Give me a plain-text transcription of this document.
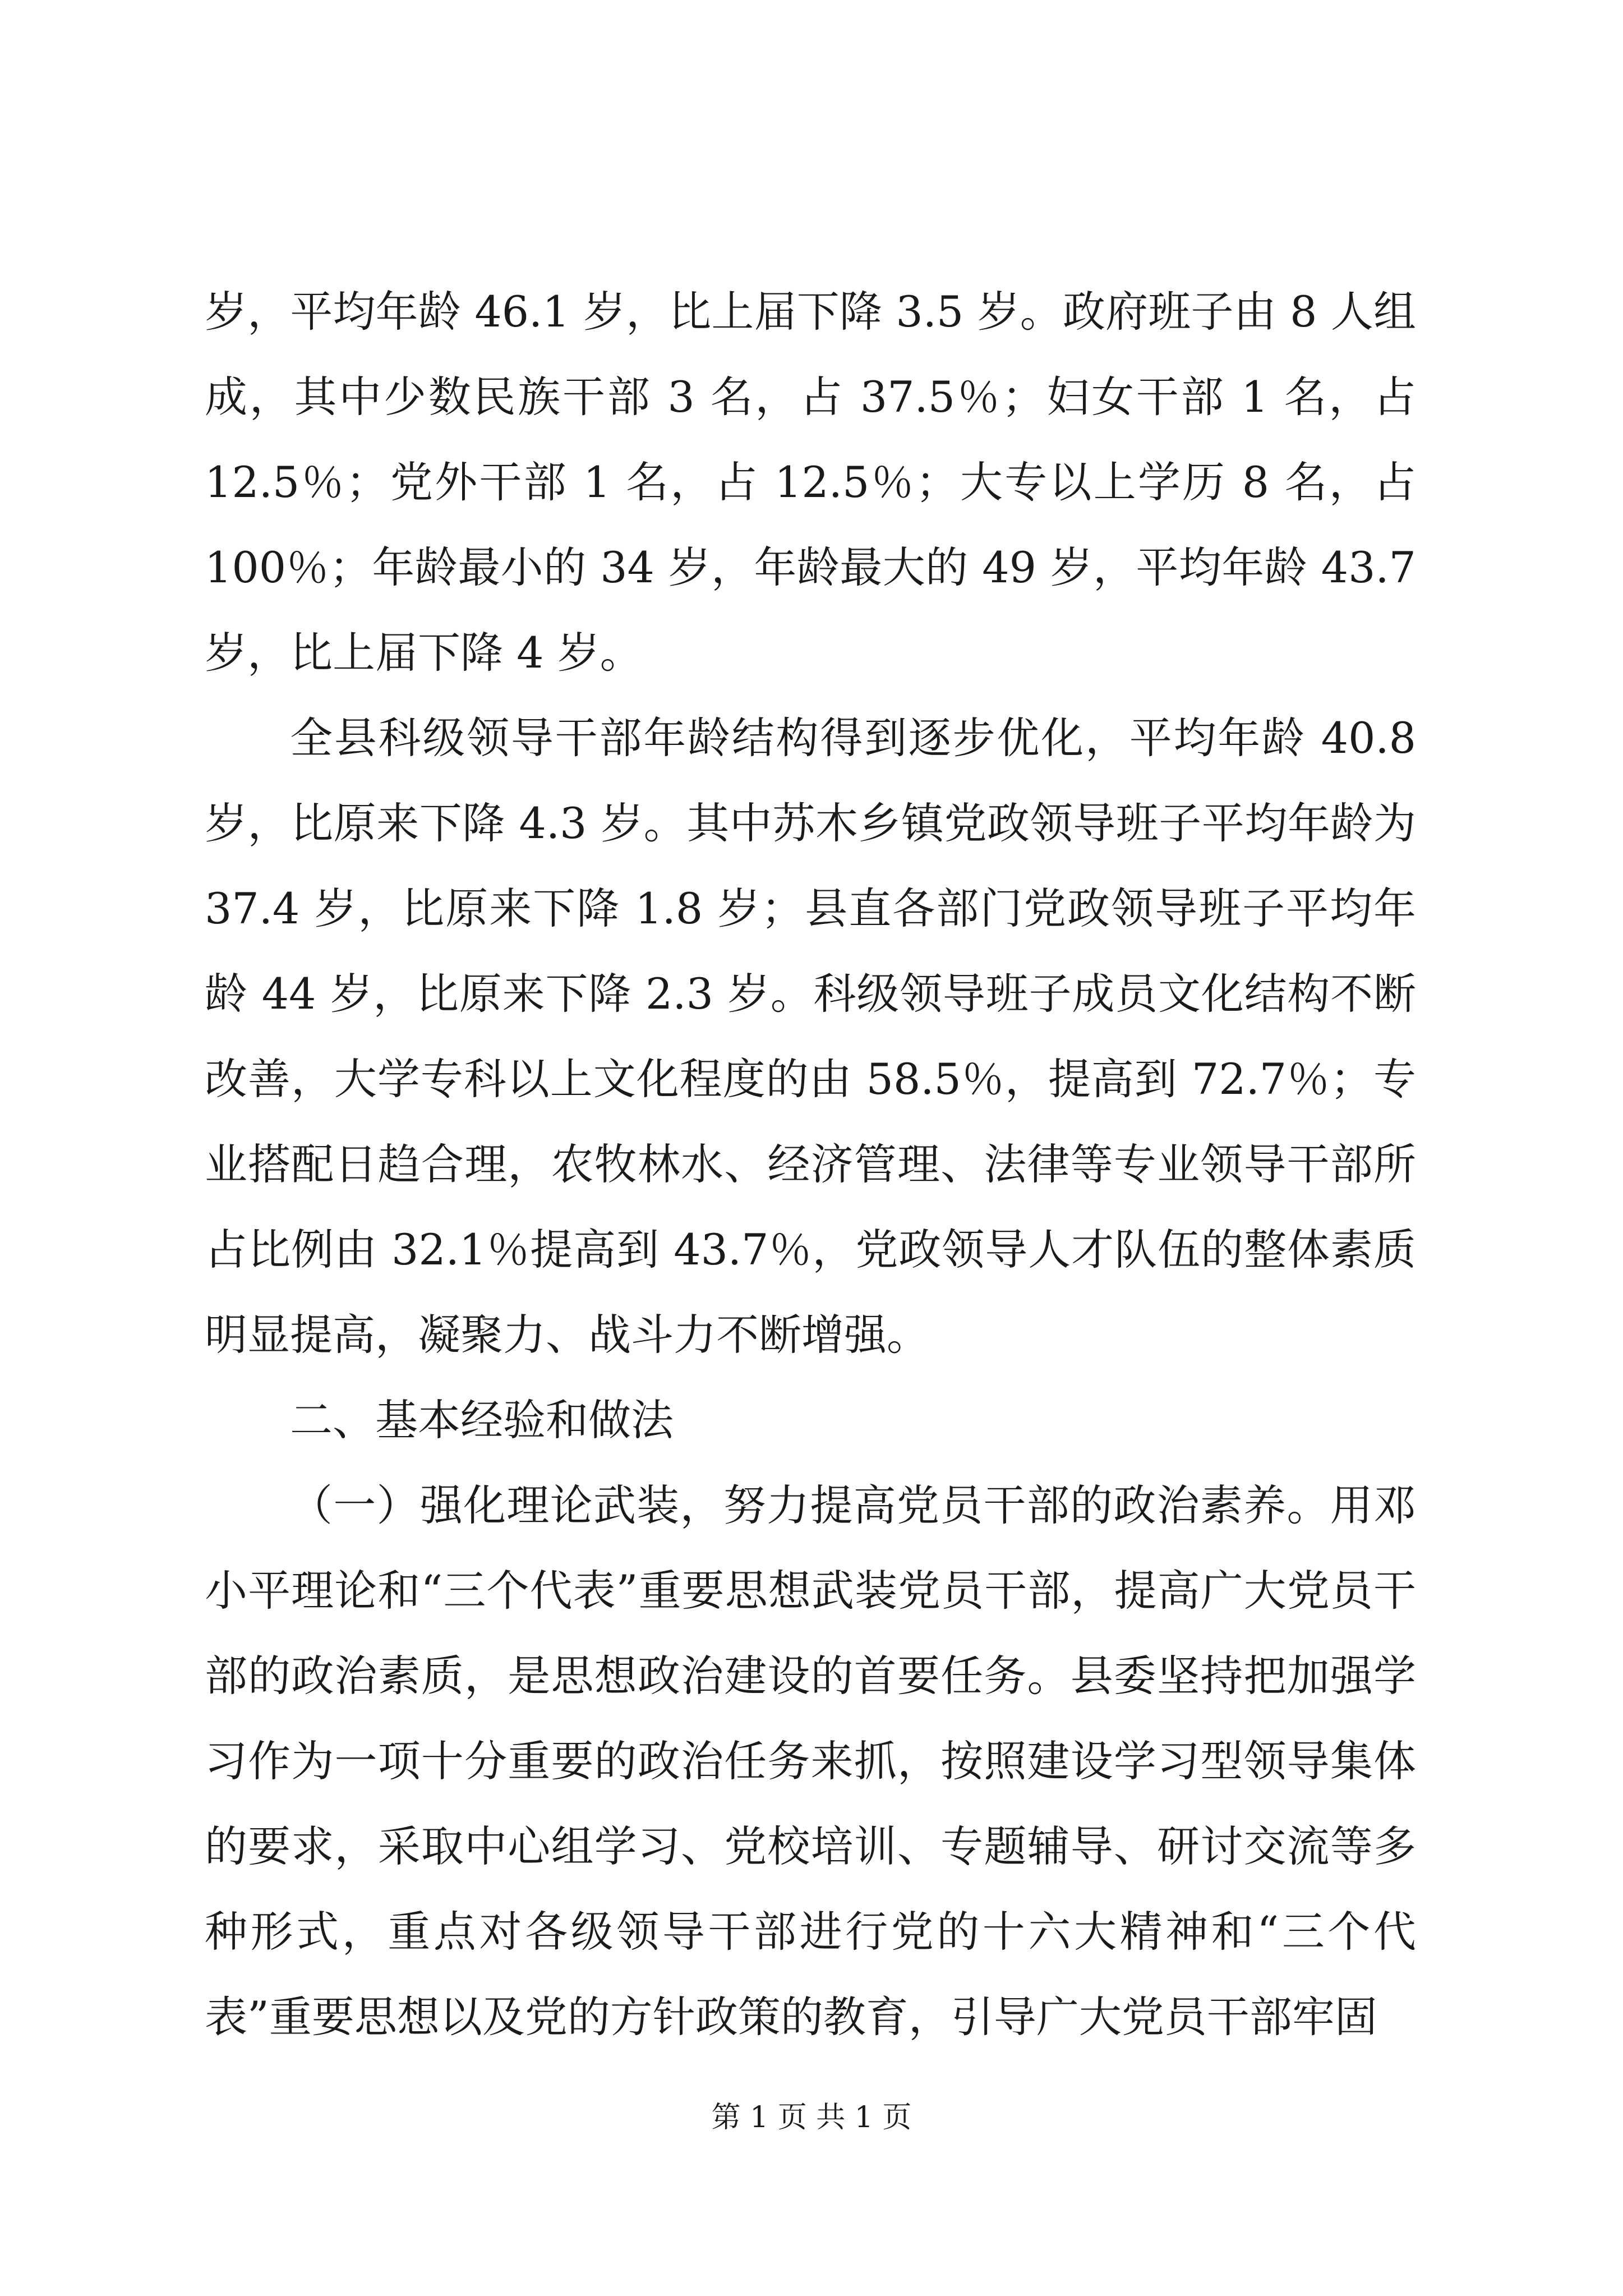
岁，平均年龄 46.1 岁，比上届下降 3.5 岁。政府班子由 8 人组成，其中少数民族干部 3 名，占 37.5％；妇女干部 1 名，占 12.5％；党外干部 1 名，占 12.5％；大专以上学历 8 名，占 100％；年龄最小的 34 岁，年龄最大的 49 岁，平均年龄 43.7 岁，比上届下降 4 岁。

全县科级领导干部年龄结构得到逐步优化，平均年龄 40.8 岁，比原来下降 4.3 岁。其中苏木乡镇党政领导班子平均年龄为 37.4 岁，比原来下降 1.8 岁；县直各部门党政领导班子平均年龄 44 岁，比原来下降 2.3 岁。科级领导班子成员文化结构不断改善，大学专科以上文化程度的由 58.5％，提高到 72.7％；专业搭配日趋合理，农牧林水、经济管理、法律等专业领导干部所占比例由 32.1％提高到 43.7％，党政领导人才队伍的整体素质明显提高，凝聚力、战斗力不断增强。

二、基本经验和做法

（一）强化理论武装，努力提高党员干部的政治素养。用邓小平理论和“三个代表”重要思想武装党员干部，提高广大党员干部的政治素质，是思想政治建设的首要任务。县委坚持把加强学习作为一项十分重要的政治任务来抓，按照建设学习型领导集体的要求，采取中心组学习、党校培训、专题辅导、研讨交流等多种形式，重点对各级领导干部进行党的十六大精神和“三个代表”重要思想以及党的方针政策的教育，引导广大党员干部牢固

第 1 页 共 1 页
